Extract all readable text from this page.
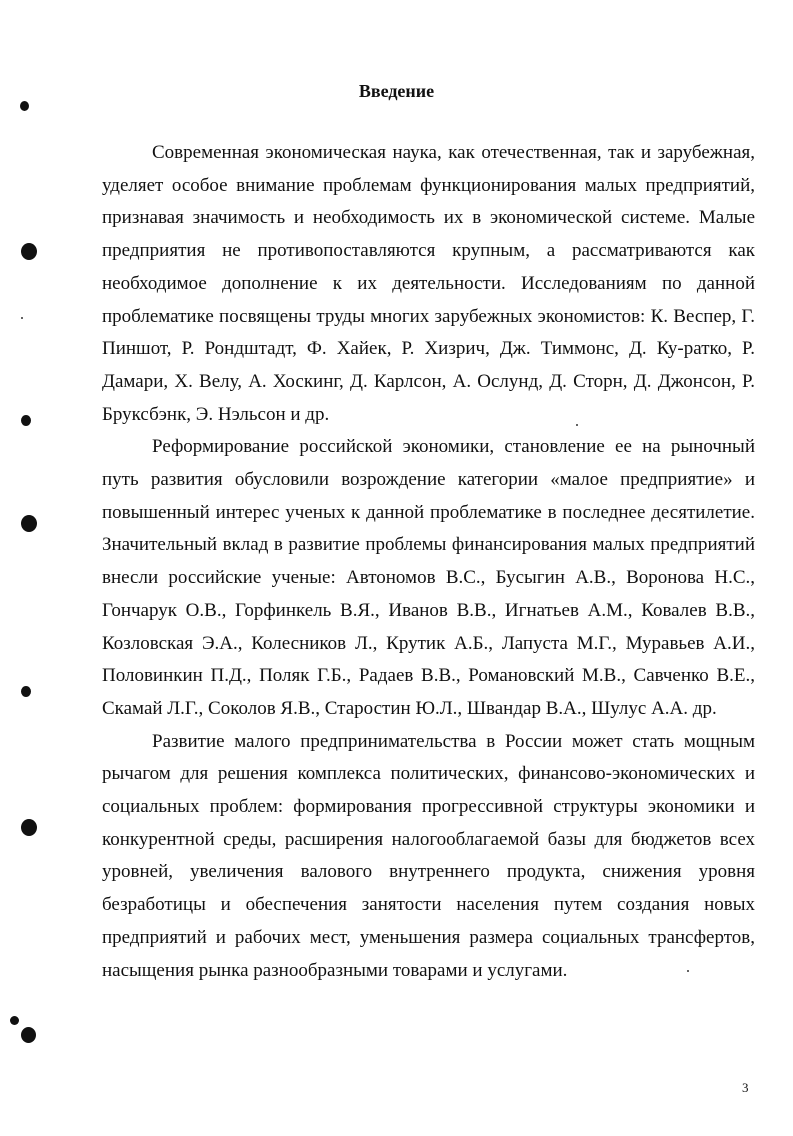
Введение

Современная экономическая наука, как отечественная, так и зарубежная, уделяет особое внимание проблемам функционирования малых предприятий, признавая значимость и необходимость их в экономической системе. Малые предприятия не противопоставляются крупным, а рассматриваются как необходимое дополнение к их деятельности. Исследованиям по данной проблематике посвящены труды многих зарубежных экономистов: К. Веспер, Г. Пиншот, Р. Рондштадт, Ф. Хайек, Р. Хизрич, Дж. Тиммонс, Д. Ку-ратко, Р. Дамари, Х. Велу, А. Хоскинг, Д. Карлсон, А. Ослунд, Д. Сторн, Д. Джонсон, Р. Бруксбэнк, Э. Нэльсон и др.

Реформирование российской экономики, становление ее на рыночный путь развития обусловили возрождение категории «малое предприятие» и повышенный интерес ученых к данной проблематике в последнее десятилетие. Значительный вклад в развитие проблемы финансирования малых предприятий внесли российские ученые: Автономов В.С., Бусыгин А.В., Воронова Н.С., Гончарук О.В., Горфинкель В.Я., Иванов В.В., Игнатьев А.М., Ковалев В.В., Козловская Э.А., Колесников Л., Крутик А.Б., Лапуста М.Г., Муравьев А.И., Половинкин П.Д., Поляк Г.Б., Радаев В.В., Романовский М.В., Савченко В.Е., Скамай Л.Г., Соколов Я.В., Старостин Ю.Л., Швандар В.А., Шулус А.А. др.

Развитие малого предпринимательства в России может стать мощным рычагом для решения комплекса политических, финансово-экономических и социальных проблем: формирования прогрессивной структуры экономики и конкурентной среды, расширения налогооблагаемой базы для бюджетов всех уровней, увеличения валового внутреннего продукта, снижения уровня безработицы и обеспечения занятости населения путем создания новых предприятий и рабочих мест, уменьшения размера социальных трансфертов, насыщения рынка разнообразными товарами и услугами.

3
